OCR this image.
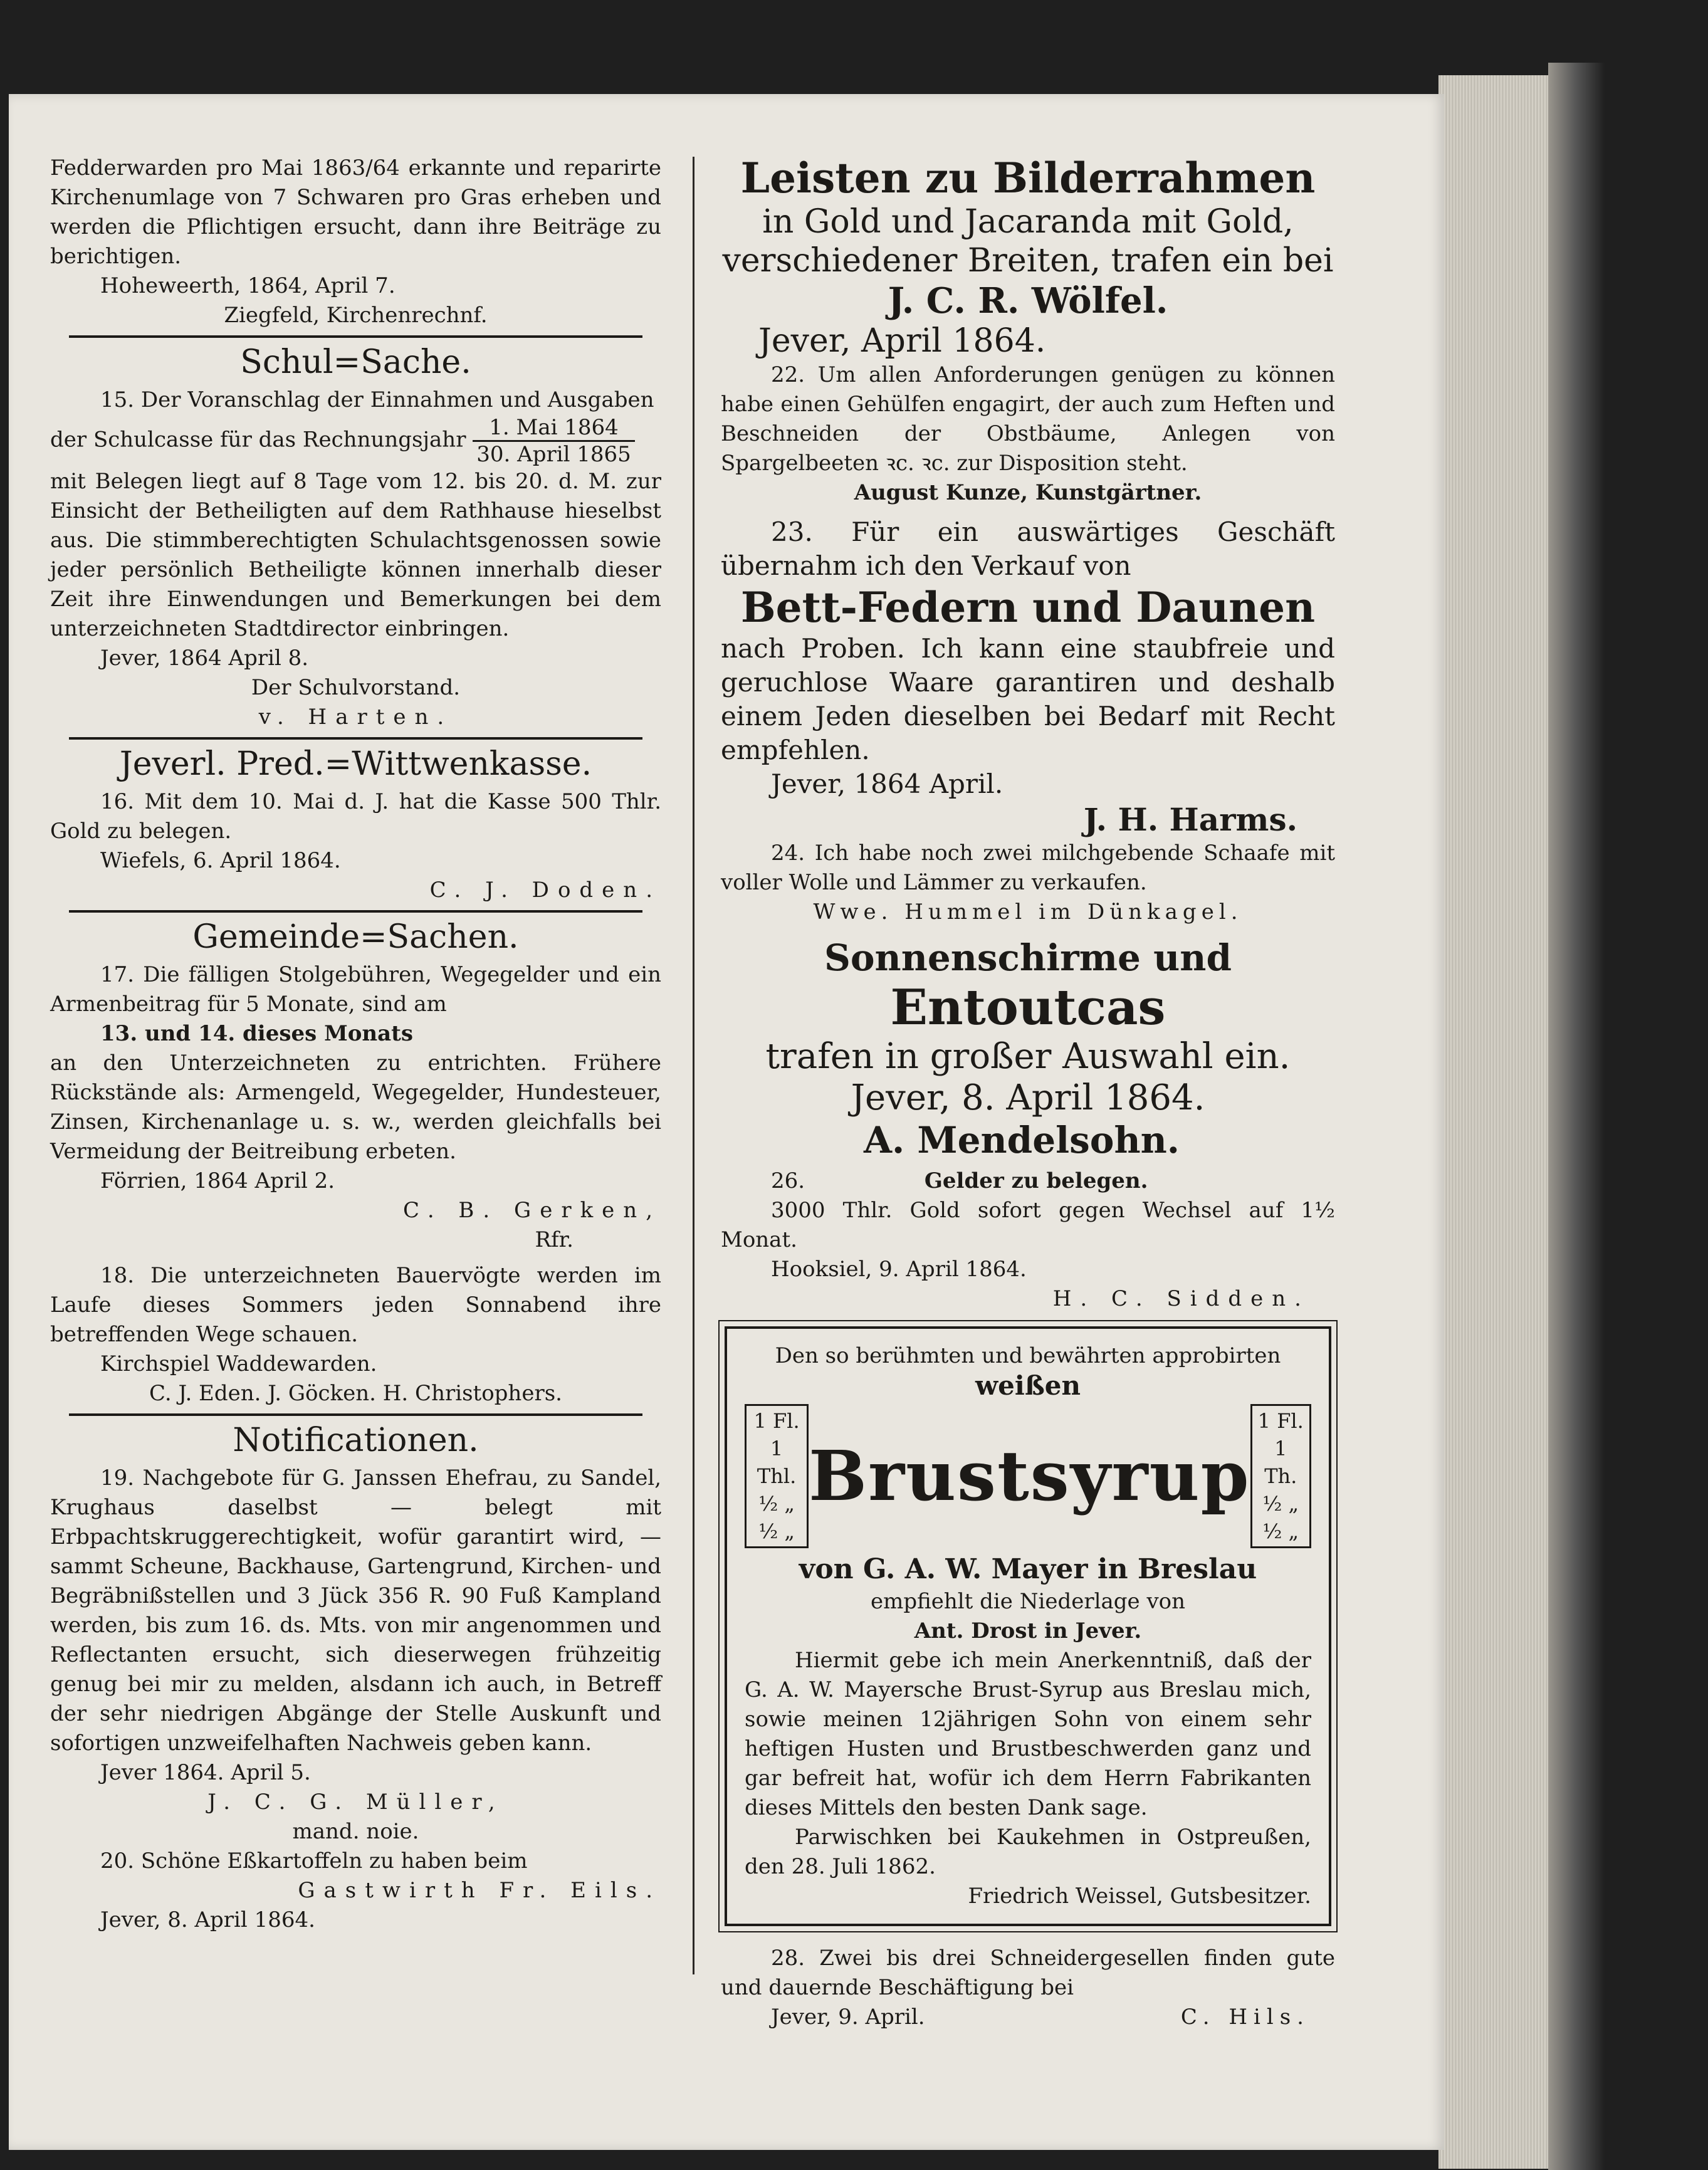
Fedderwarden pro Mai 1863/64 erkannte und reparirte Kirchenumlage von 7 Schwaren pro Gras erheben und werden die Pflichtigen ersucht, dann ihre Beiträge zu berichtigen.

Hoheweerth, 1864, April 7.

Ziegfeld, Kirchenrechnf.

Schul=Sache.

15. Der Voranschlag der Einnahmen und Ausgaben

der Schulcasse für das Rechnungsjahr $\frac{\text{1. Mai 1864}}{\text{30. April 1865}}$

mit Belegen liegt auf 8 Tage vom 12. bis 20. d. M. zur Einsicht der Betheiligten auf dem Rathhause hieselbst aus. Die stimmberechtigten Schulachtsgenossen sowie jeder persönlich Betheiligte können innerhalb dieser Zeit ihre Einwendungen und Bemerkungen bei dem unterzeichneten Stadtdirector einbringen.

Jever, 1864 April 8.

Der Schulvorstand.

v. Harten.

Jeverl. Pred.=Wittwenkasse.

16. Mit dem 10. Mai d. J. hat die Kasse 500 Thlr. Gold zu belegen.

Wiefels, 6. April 1864.

C. J. Doden.

Gemeinde=Sachen.

17. Die fälligen Stolgebühren, Wegegelder und ein Armenbeitrag für 5 Monate, sind am

13. und 14. dieses Monats

an den Unterzeichneten zu entrichten. Frühere Rückstände als: Armengeld, Wegegelder, Hundesteuer, Zinsen, Kirchenanlage u. s. w., werden gleichfalls bei Vermeidung der Beitreibung erbeten.

Förrien, 1864 April 2.

C. B. Gerken,

Rfr.

18. Die unterzeichneten Bauervögte werden im Laufe dieses Sommers jeden Sonnabend ihre betreffenden Wege schauen.

Kirchspiel Waddewarden.

C. J. Eden. J. Göcken. H. Christophers.

Notificationen.

19. Nachgebote für G. Janssen Ehefrau, zu Sandel, Krughaus daselbst — belegt mit Erbpachtskruggerechtigkeit, wofür garantirt wird, — sammt Scheune, Backhause, Gartengrund, Kirchen- und Begräbnißstellen und 3 Jück 356 R. 90 Fuß Kampland werden, bis zum 16. ds. Mts. von mir angenommen und Reflectanten ersucht, sich dieserwegen frühzeitig genug bei mir zu melden, alsdann ich auch, in Betreff der sehr niedrigen Abgänge der Stelle Auskunft und sofortigen unzweifelhaften Nachweis geben kann.

Jever 1864. April 5.

J. C. G. Müller,

mand. noie.

20. Schöne Eßkartoffeln zu haben beim

Gastwirth Fr. Eils.

Jever, 8. April 1864.

Leisten zu Bilderrahmen
in Gold und Jacaranda mit Gold,
verschiedener Breiten, trafen ein bei
J. C. R. Wölfel.
Jever, April 1864.

22. Um allen Anforderungen genügen zu können habe einen Gehülfen engagirt, der auch zum Heften und Beschneiden der Obstbäume, Anlegen von Spargelbeeten ꝛc. ꝛc. zur Disposition steht.

August Kunze, Kunstgärtner.

23. Für ein auswärtiges Geschäft übernahm ich den Verkauf von

Bett-Federn und Daunen

nach Proben. Ich kann eine staubfreie und geruchlose Waare garantiren und deshalb einem Jeden dieselben bei Bedarf mit Recht empfehlen.

Jever, 1864 April.

J. H. Harms.

24. Ich habe noch zwei milchgebende Schaafe mit voller Wolle und Lämmer zu verkaufen.

Wwe. Hummel im Dünkagel.

Sonnenschirme und
Entoutcas
trafen in großer Auswahl ein.
Jever, 8. April 1864.
A. Mendelsohn.

26.	Gelder zu belegen.

3000 Thlr. Gold sofort gegen Wechsel auf 1½ Monat.

Hooksiel, 9. April 1864.

H. C. Sidden.

Den so berühmten und bewährten approbirten

weißen

1 Fl. 1 Thl.
½ „ ½ „
Brustsyrup
1 Fl. 1 Th.
½ „ ½ „

von G. A. W. Mayer in Breslau

empfiehlt die Niederlage von

Ant. Drost in Jever.

Hiermit gebe ich mein Anerkenntniß, daß der G. A. W. Mayersche Brust-Syrup aus Breslau mich, sowie meinen 12jährigen Sohn von einem sehr heftigen Husten und Brustbeschwerden ganz und gar befreit hat, wofür ich dem Herrn Fabrikanten dieses Mittels den besten Dank sage.

Parwischken bei Kaukehmen in Ostpreußen, den 28. Juli 1862.

Friedrich Weissel, Gutsbesitzer.

28. Zwei bis drei Schneidergesellen finden gute und dauernde Beschäftigung bei

Jever, 9. April.	C. Hils.
